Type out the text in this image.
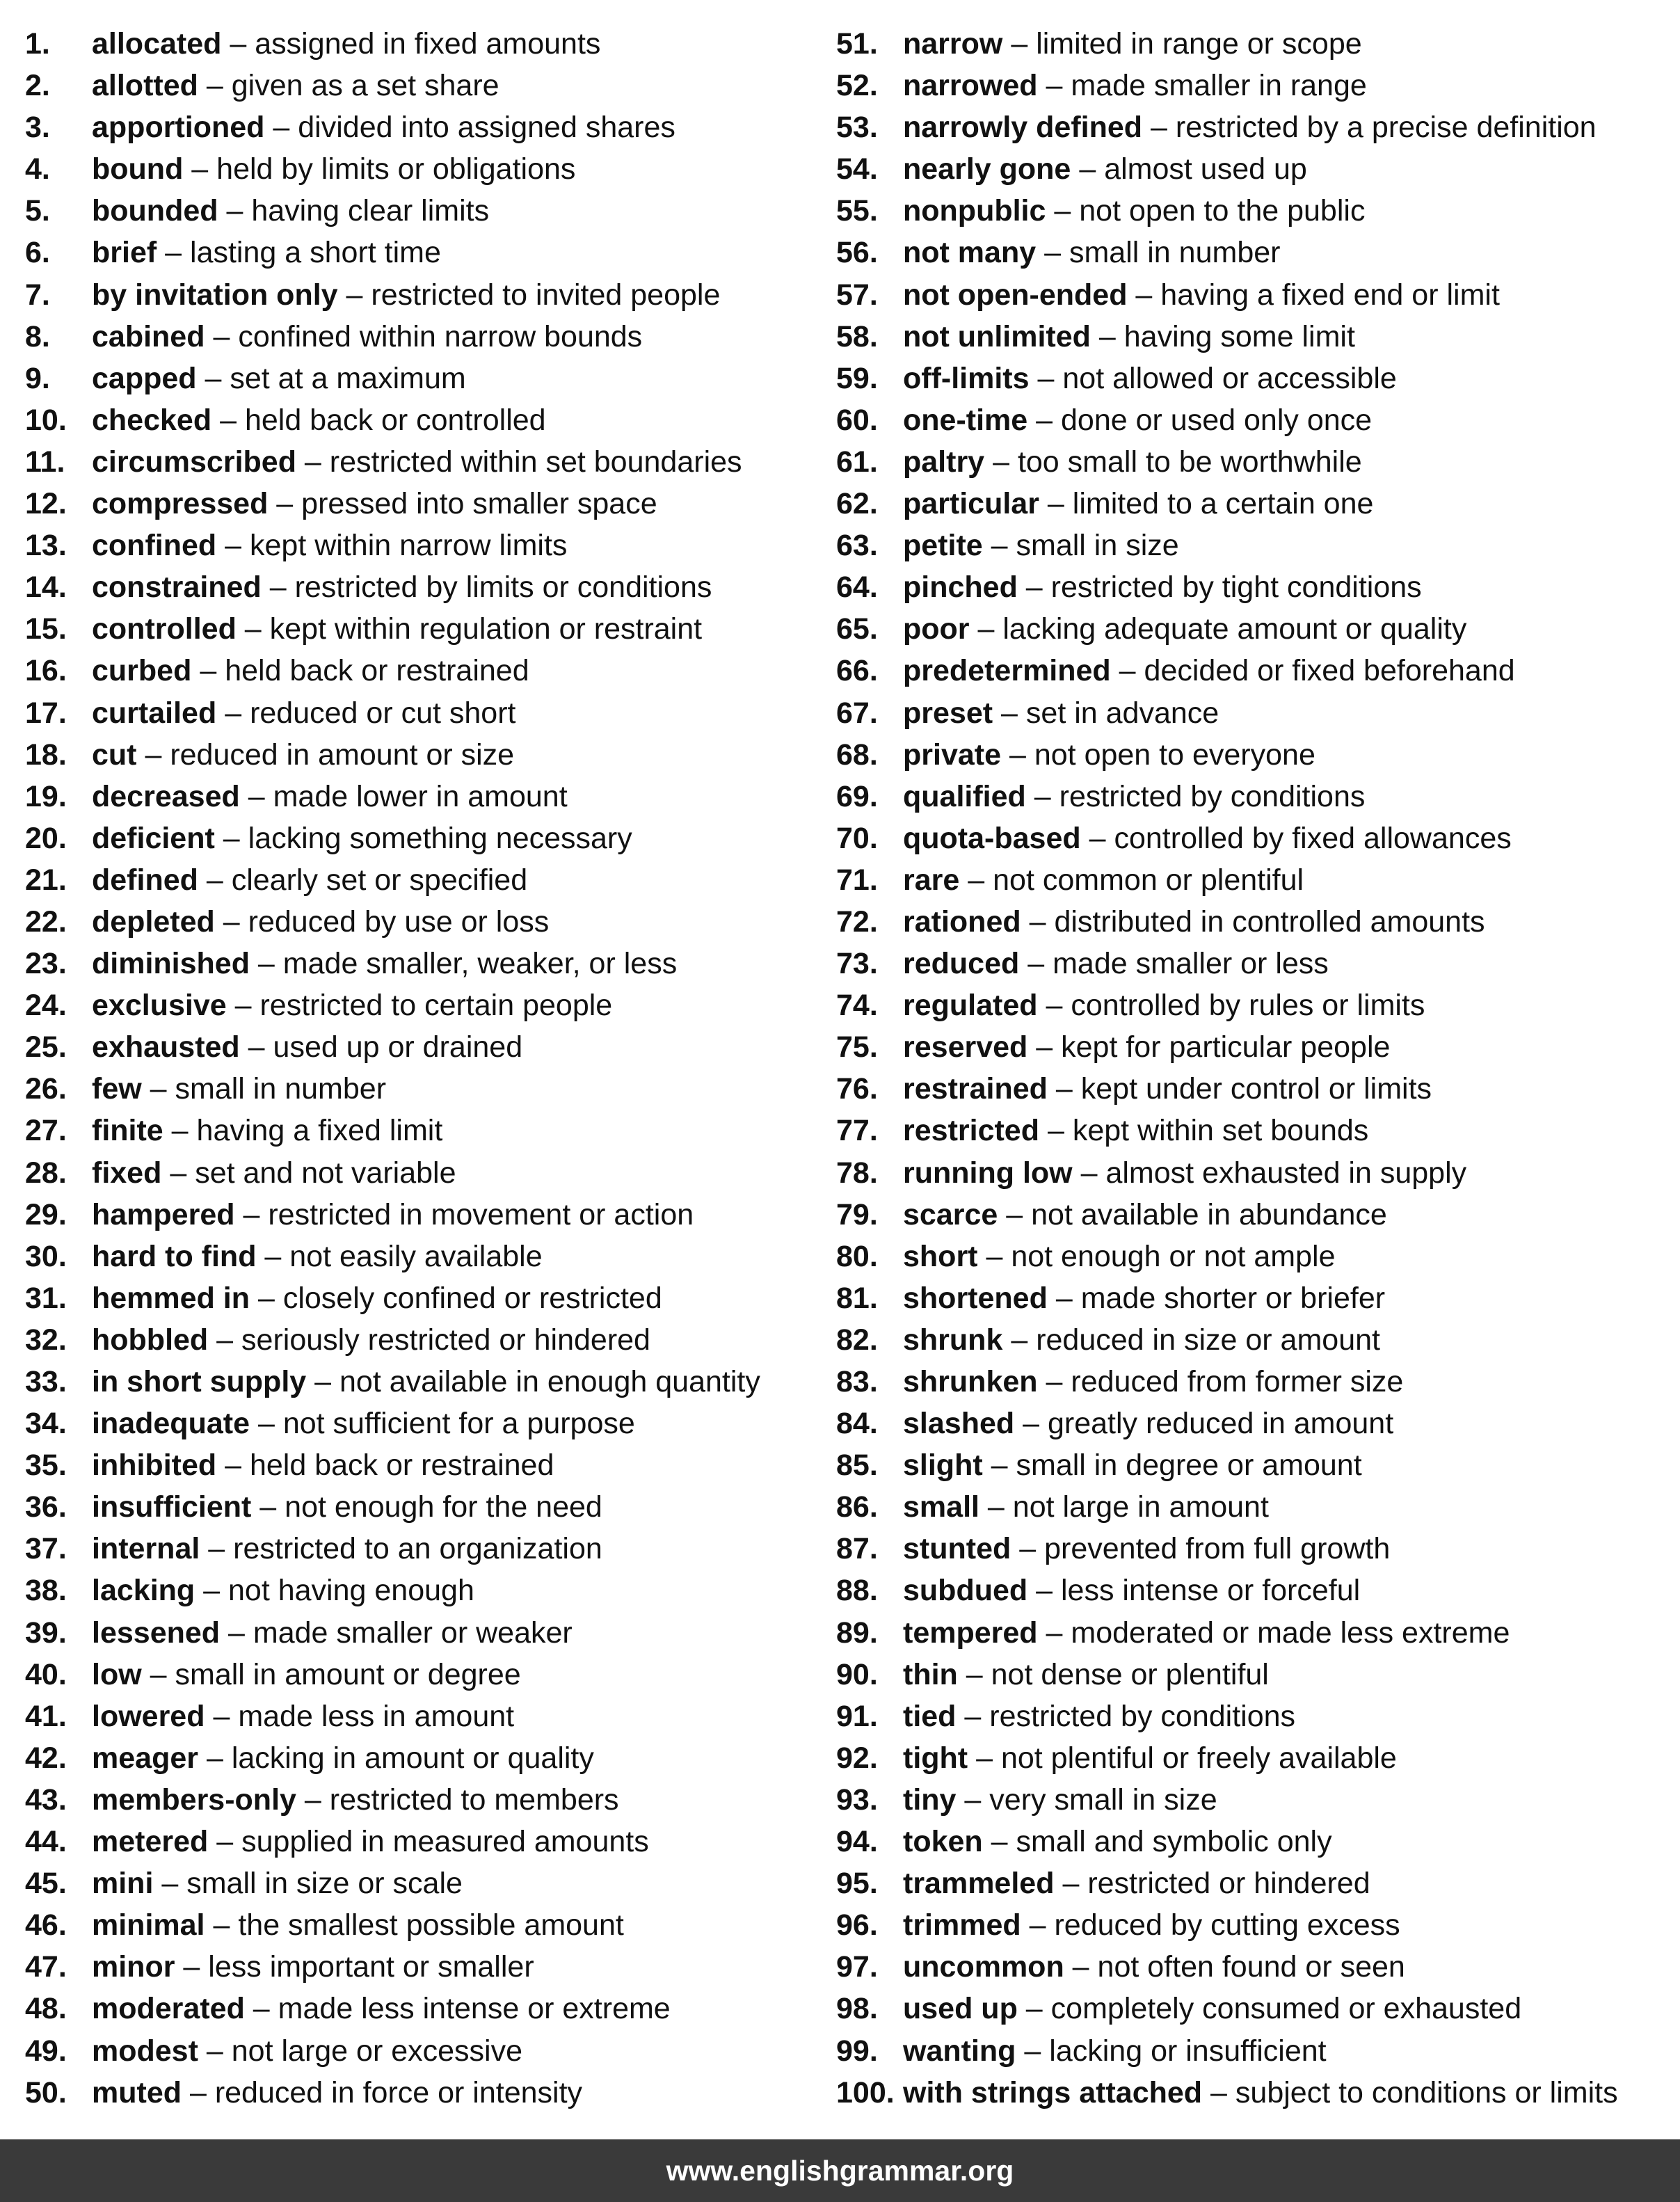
1. allocated – assigned in fixed amounts
2. allotted – given as a set share
3. apportioned – divided into assigned shares
4. bound – held by limits or obligations
5. bounded – having clear limits
6. brief – lasting a short time
7. by invitation only – restricted to invited people
8. cabined – confined within narrow bounds
9. capped – set at a maximum
10. checked – held back or controlled
11. circumscribed – restricted within set boundaries
12. compressed – pressed into smaller space
13. confined – kept within narrow limits
14. constrained – restricted by limits or conditions
15. controlled – kept within regulation or restraint
16. curbed – held back or restrained
17. curtailed – reduced or cut short
18. cut – reduced in amount or size
19. decreased – made lower in amount
20. deficient – lacking something necessary
21. defined – clearly set or specified
22. depleted – reduced by use or loss
23. diminished – made smaller, weaker, or less
24. exclusive – restricted to certain people
25. exhausted – used up or drained
26. few – small in number
27. finite – having a fixed limit
28. fixed – set and not variable
29. hampered – restricted in movement or action
30. hard to find – not easily available
31. hemmed in – closely confined or restricted
32. hobbled – seriously restricted or hindered
33. in short supply – not available in enough quantity
34. inadequate – not sufficient for a purpose
35. inhibited – held back or restrained
36. insufficient – not enough for the need
37. internal – restricted to an organization
38. lacking – not having enough
39. lessened – made smaller or weaker
40. low – small in amount or degree
41. lowered – made less in amount
42. meager – lacking in amount or quality
43. members-only – restricted to members
44. metered – supplied in measured amounts
45. mini – small in size or scale
46. minimal – the smallest possible amount
47. minor – less important or smaller
48. moderated – made less intense or extreme
49. modest – not large or excessive
50. muted – reduced in force or intensity
51. narrow – limited in range or scope
52. narrowed – made smaller in range
53. narrowly defined – restricted by a precise definition
54. nearly gone – almost used up
55. nonpublic – not open to the public
56. not many – small in number
57. not open-ended – having a fixed end or limit
58. not unlimited – having some limit
59. off-limits – not allowed or accessible
60. one-time – done or used only once
61. paltry – too small to be worthwhile
62. particular – limited to a certain one
63. petite – small in size
64. pinched – restricted by tight conditions
65. poor – lacking adequate amount or quality
66. predetermined – decided or fixed beforehand
67. preset – set in advance
68. private – not open to everyone
69. qualified – restricted by conditions
70. quota-based – controlled by fixed allowances
71. rare – not common or plentiful
72. rationed – distributed in controlled amounts
73. reduced – made smaller or less
74. regulated – controlled by rules or limits
75. reserved – kept for particular people
76. restrained – kept under control or limits
77. restricted – kept within set bounds
78. running low – almost exhausted in supply
79. scarce – not available in abundance
80. short – not enough or not ample
81. shortened – made shorter or briefer
82. shrunk – reduced in size or amount
83. shrunken – reduced from former size
84. slashed – greatly reduced in amount
85. slight – small in degree or amount
86. small – not large in amount
87. stunted – prevented from full growth
88. subdued – less intense or forceful
89. tempered – moderated or made less extreme
90. thin – not dense or plentiful
91. tied – restricted by conditions
92. tight – not plentiful or freely available
93. tiny – very small in size
94. token – small and symbolic only
95. trammeled – restricted or hindered
96. trimmed – reduced by cutting excess
97. uncommon – not often found or seen
98. used up – completely consumed or exhausted
99. wanting – lacking or insufficient
100. with strings attached – subject to conditions or limits
www.englishgrammar.org
